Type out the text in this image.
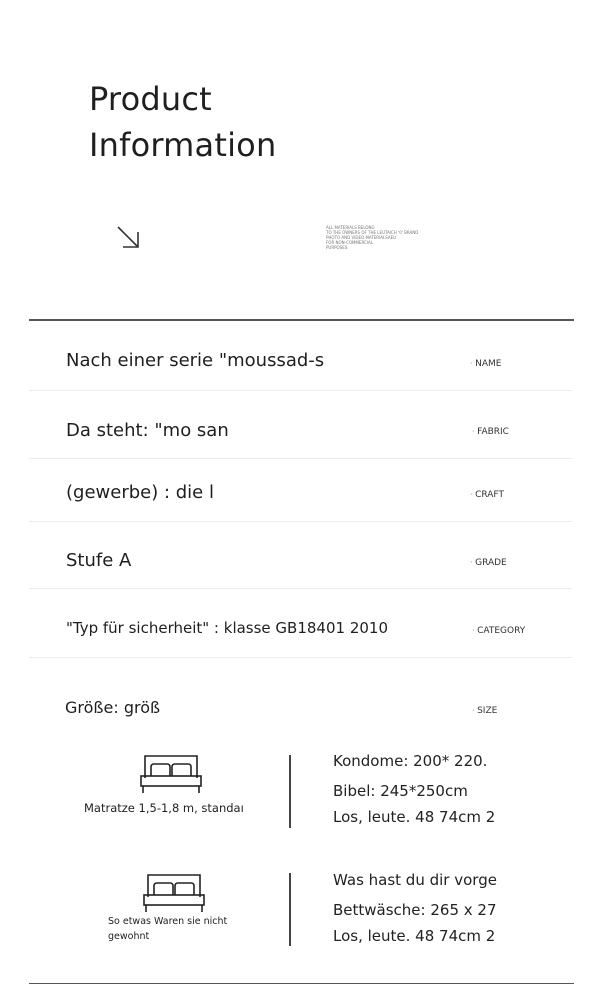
Product
Information
ALL MATERIALS BELONG
TO THE OWNERS OF THE LEUTAICH '0' BRAND
PHOTO AND VIDEO MATERIALSAEU
FOR NON-COMMERCIAL
PURPOSES.
Nach einer serie "moussad-s	· NAME
Da steht: "mo san	· FABRIC
(gewerbe) : die l	· CRAFT
Stufe A	· GRADE
"Typ für sicherheit" : klasse GB18401 2010	· CATEGORY
Größe: größ	· SIZE
Matratze 1,5-1,8 m, standaı
Kondome: 200* 220.
Bibel: 245*250cm
Los, leute. 48 74cm 2
So etwas Waren sie nicht
gewohnt
Was hast du dir vorge
Bettwäsche: 265 x 27
Los, leute. 48 74cm 2
